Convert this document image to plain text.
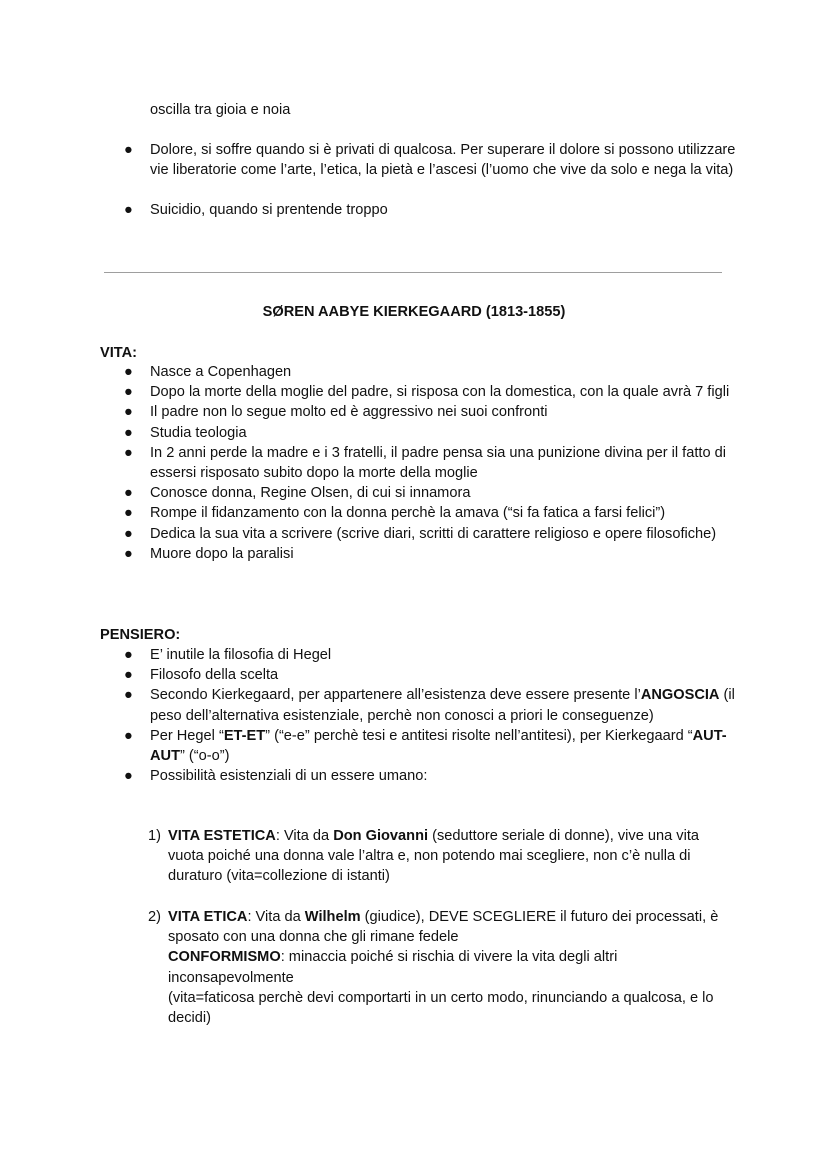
oscilla tra gioia e noia
●	Dolore, si soffre quando si è privati di qualcosa. Per superare il dolore si possono utilizzare vie liberatorie come l’arte, l’etica, la pietà e l’ascesi (l’uomo che vive da solo e nega la vita)
●	Suicidio, quando si prentende troppo
SØREN AABYE KIERKEGAARD (1813-1855)
VITA:
●	Nasce a Copenhagen
●	Dopo la morte della moglie del padre, si risposa con la domestica, con la quale avrà 7 figli
●	Il padre non lo segue molto ed è aggressivo nei suoi confronti
●	Studia teologia
●	In 2 anni perde la madre e i 3 fratelli, il padre pensa sia una punizione divina per il fatto di essersi risposato subito dopo la morte della moglie
●	Conosce donna, Regine Olsen, di cui si innamora
●	Rompe il fidanzamento con la donna perchè la amava (“si fa fatica a farsi felici”)
●	Dedica la sua vita a scrivere (scrive diari, scritti di carattere religioso e opere filosofiche)
●	Muore dopo la paralisi
PENSIERO:
●	E’ inutile la filosofia di Hegel
●	Filosofo della scelta
●	Secondo Kierkegaard, per appartenere all’esistenza deve essere presente l’ANGOSCIA (il peso dell’alternativa esistenziale, perchè non conosci a priori le conseguenze)
●	Per Hegel “ET-ET” (“e-e” perchè tesi e antitesi risolte nell’antitesi), per Kierkegaard “AUT-AUT” (“o-o”)
●	Possibilità esistenziali di un essere umano:
1) VITA ESTETICA: Vita da Don Giovanni (seduttore seriale di donne), vive una vita vuota poiché una donna vale l’altra e, non potendo mai scegliere, non c’è nulla di duraturo (vita=collezione di istanti)
2) VITA ETICA: Vita da Wilhelm (giudice), DEVE SCEGLIERE il futuro dei processati, è sposato con una donna che gli rimane fedele
CONFORMISMO: minaccia poiché si rischia di vivere la vita degli altri inconsapevolmente
(vita=faticosa perchè devi comportarti in un certo modo, rinunciando a qualcosa, e lo decidi)
